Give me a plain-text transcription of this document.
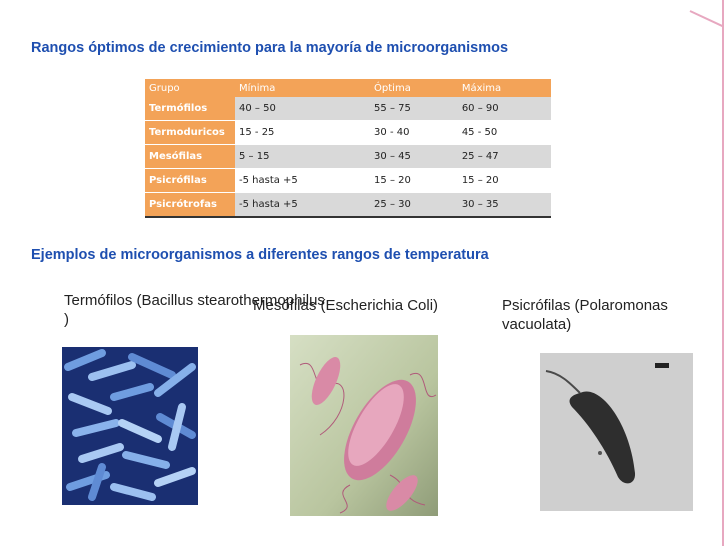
Rangos óptimos de crecimiento para la mayoría de microorganismos
Grupo	Mínima	Óptima	Máxima
Termófilos	40 – 50	55 – 75	60 – 90
Termoduricos	15 - 25	30 - 40	45 - 50
Mesófilas	5 – 15	30 – 45	25 – 47
Psicrófilas	-5 hasta +5	15 – 20	15 – 20
Psicrótrofas	-5 hasta +5	25 – 30	30 – 35
Ejemplos de microorganismos a diferentes rangos de temperatura
Termófilos (Bacillus stearothermophilus
)
Mesófilas (Escherichia Coli)	Psicrófilas (Polaromonas
vacuolata)
